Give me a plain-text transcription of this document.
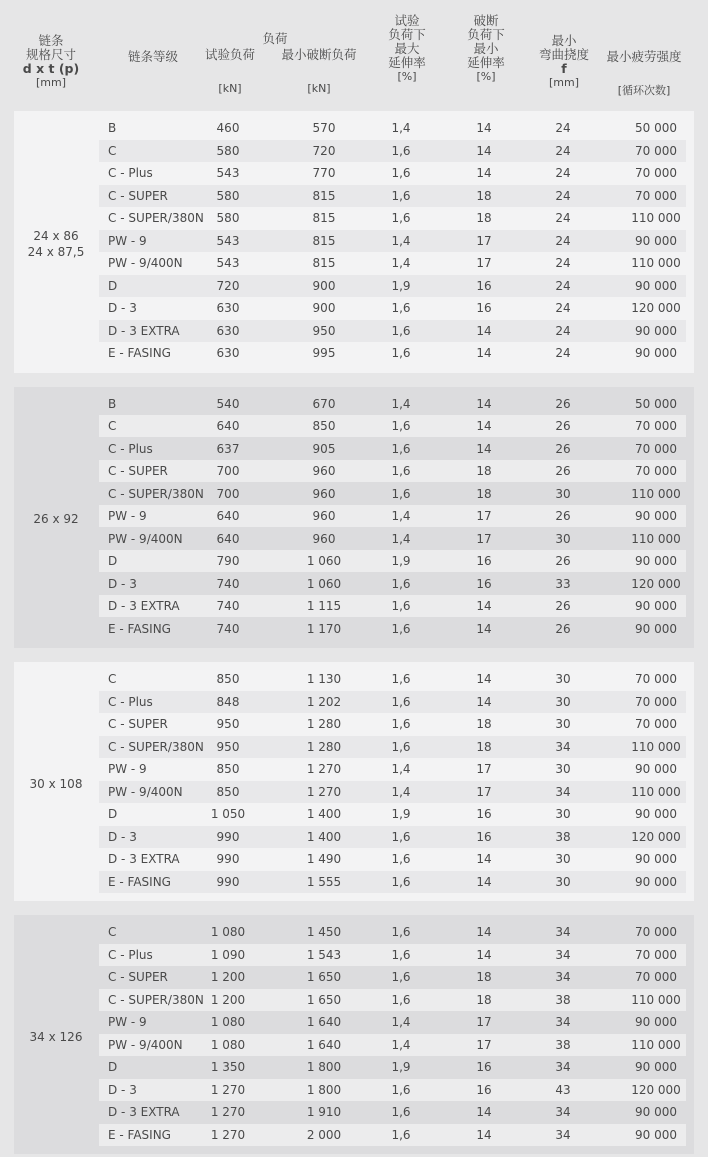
链条
规格尺寸
d x t (p)
[mm]
链条等级
负荷
试验负荷
[kN]
最小破断负荷
[kN]
试验
负荷下
最大
延伸率
[%]
破断
负荷下
最小
延伸率
[%]
最小
弯曲挠度
f
[mm]
最小疲劳强度
[循环次数]
24 x 86
24 x 87,5
B	460	570	1,4	14	24	50 000
C	580	720	1,6	14	24	70 000
C - Plus	543	770	1,6	14	24	70 000
C - SUPER	580	815	1,6	18	24	70 000
C - SUPER/380N	580	815	1,6	18	24	110 000
PW - 9	543	815	1,4	17	24	90 000
PW - 9/400N	543	815	1,4	17	24	110 000
D	720	900	1,9	16	24	90 000
D - 3	630	900	1,6	16	24	120 000
D - 3 EXTRA	630	950	1,6	14	24	90 000
E - FASING	630	995	1,6	14	24	90 000
26 x 92
B	540	670	1,4	14	26	50 000
C	640	850	1,6	14	26	70 000
C - Plus	637	905	1,6	14	26	70 000
C - SUPER	700	960	1,6	18	26	70 000
C - SUPER/380N	700	960	1,6	18	30	110 000
PW - 9	640	960	1,4	17	26	90 000
PW - 9/400N	640	960	1,4	17	30	110 000
D	790	1 060	1,9	16	26	90 000
D - 3	740	1 060	1,6	16	33	120 000
D - 3 EXTRA	740	1 115	1,6	14	26	90 000
E - FASING	740	1 170	1,6	14	26	90 000
30 x 108
C	850	1 130	1,6	14	30	70 000
C - Plus	848	1 202	1,6	14	30	70 000
C - SUPER	950	1 280	1,6	18	30	70 000
C - SUPER/380N	950	1 280	1,6	18	34	110 000
PW - 9	850	1 270	1,4	17	30	90 000
PW - 9/400N	850	1 270	1,4	17	34	110 000
D	1 050	1 400	1,9	16	30	90 000
D - 3	990	1 400	1,6	16	38	120 000
D - 3 EXTRA	990	1 490	1,6	14	30	90 000
E - FASING	990	1 555	1,6	14	30	90 000
34 x 126
C	1 080	1 450	1,6	14	34	70 000
C - Plus	1 090	1 543	1,6	14	34	70 000
C - SUPER	1 200	1 650	1,6	18	34	70 000
C - SUPER/380N 1 200	1 650	1,6	18	38	110 000
PW - 9	1 080	1 640	1,4	17	34	90 000
PW - 9/400N	1 080	1 640	1,4	17	38	110 000
D	1 350	1 800	1,9	16	34	90 000
D - 3	1 270	1 800	1,6	16	43	120 000
D - 3 EXTRA	1 270	1 910	1,6	14	34	90 000
E - FASING	1 270	2 000	1,6	14	34	90 000
